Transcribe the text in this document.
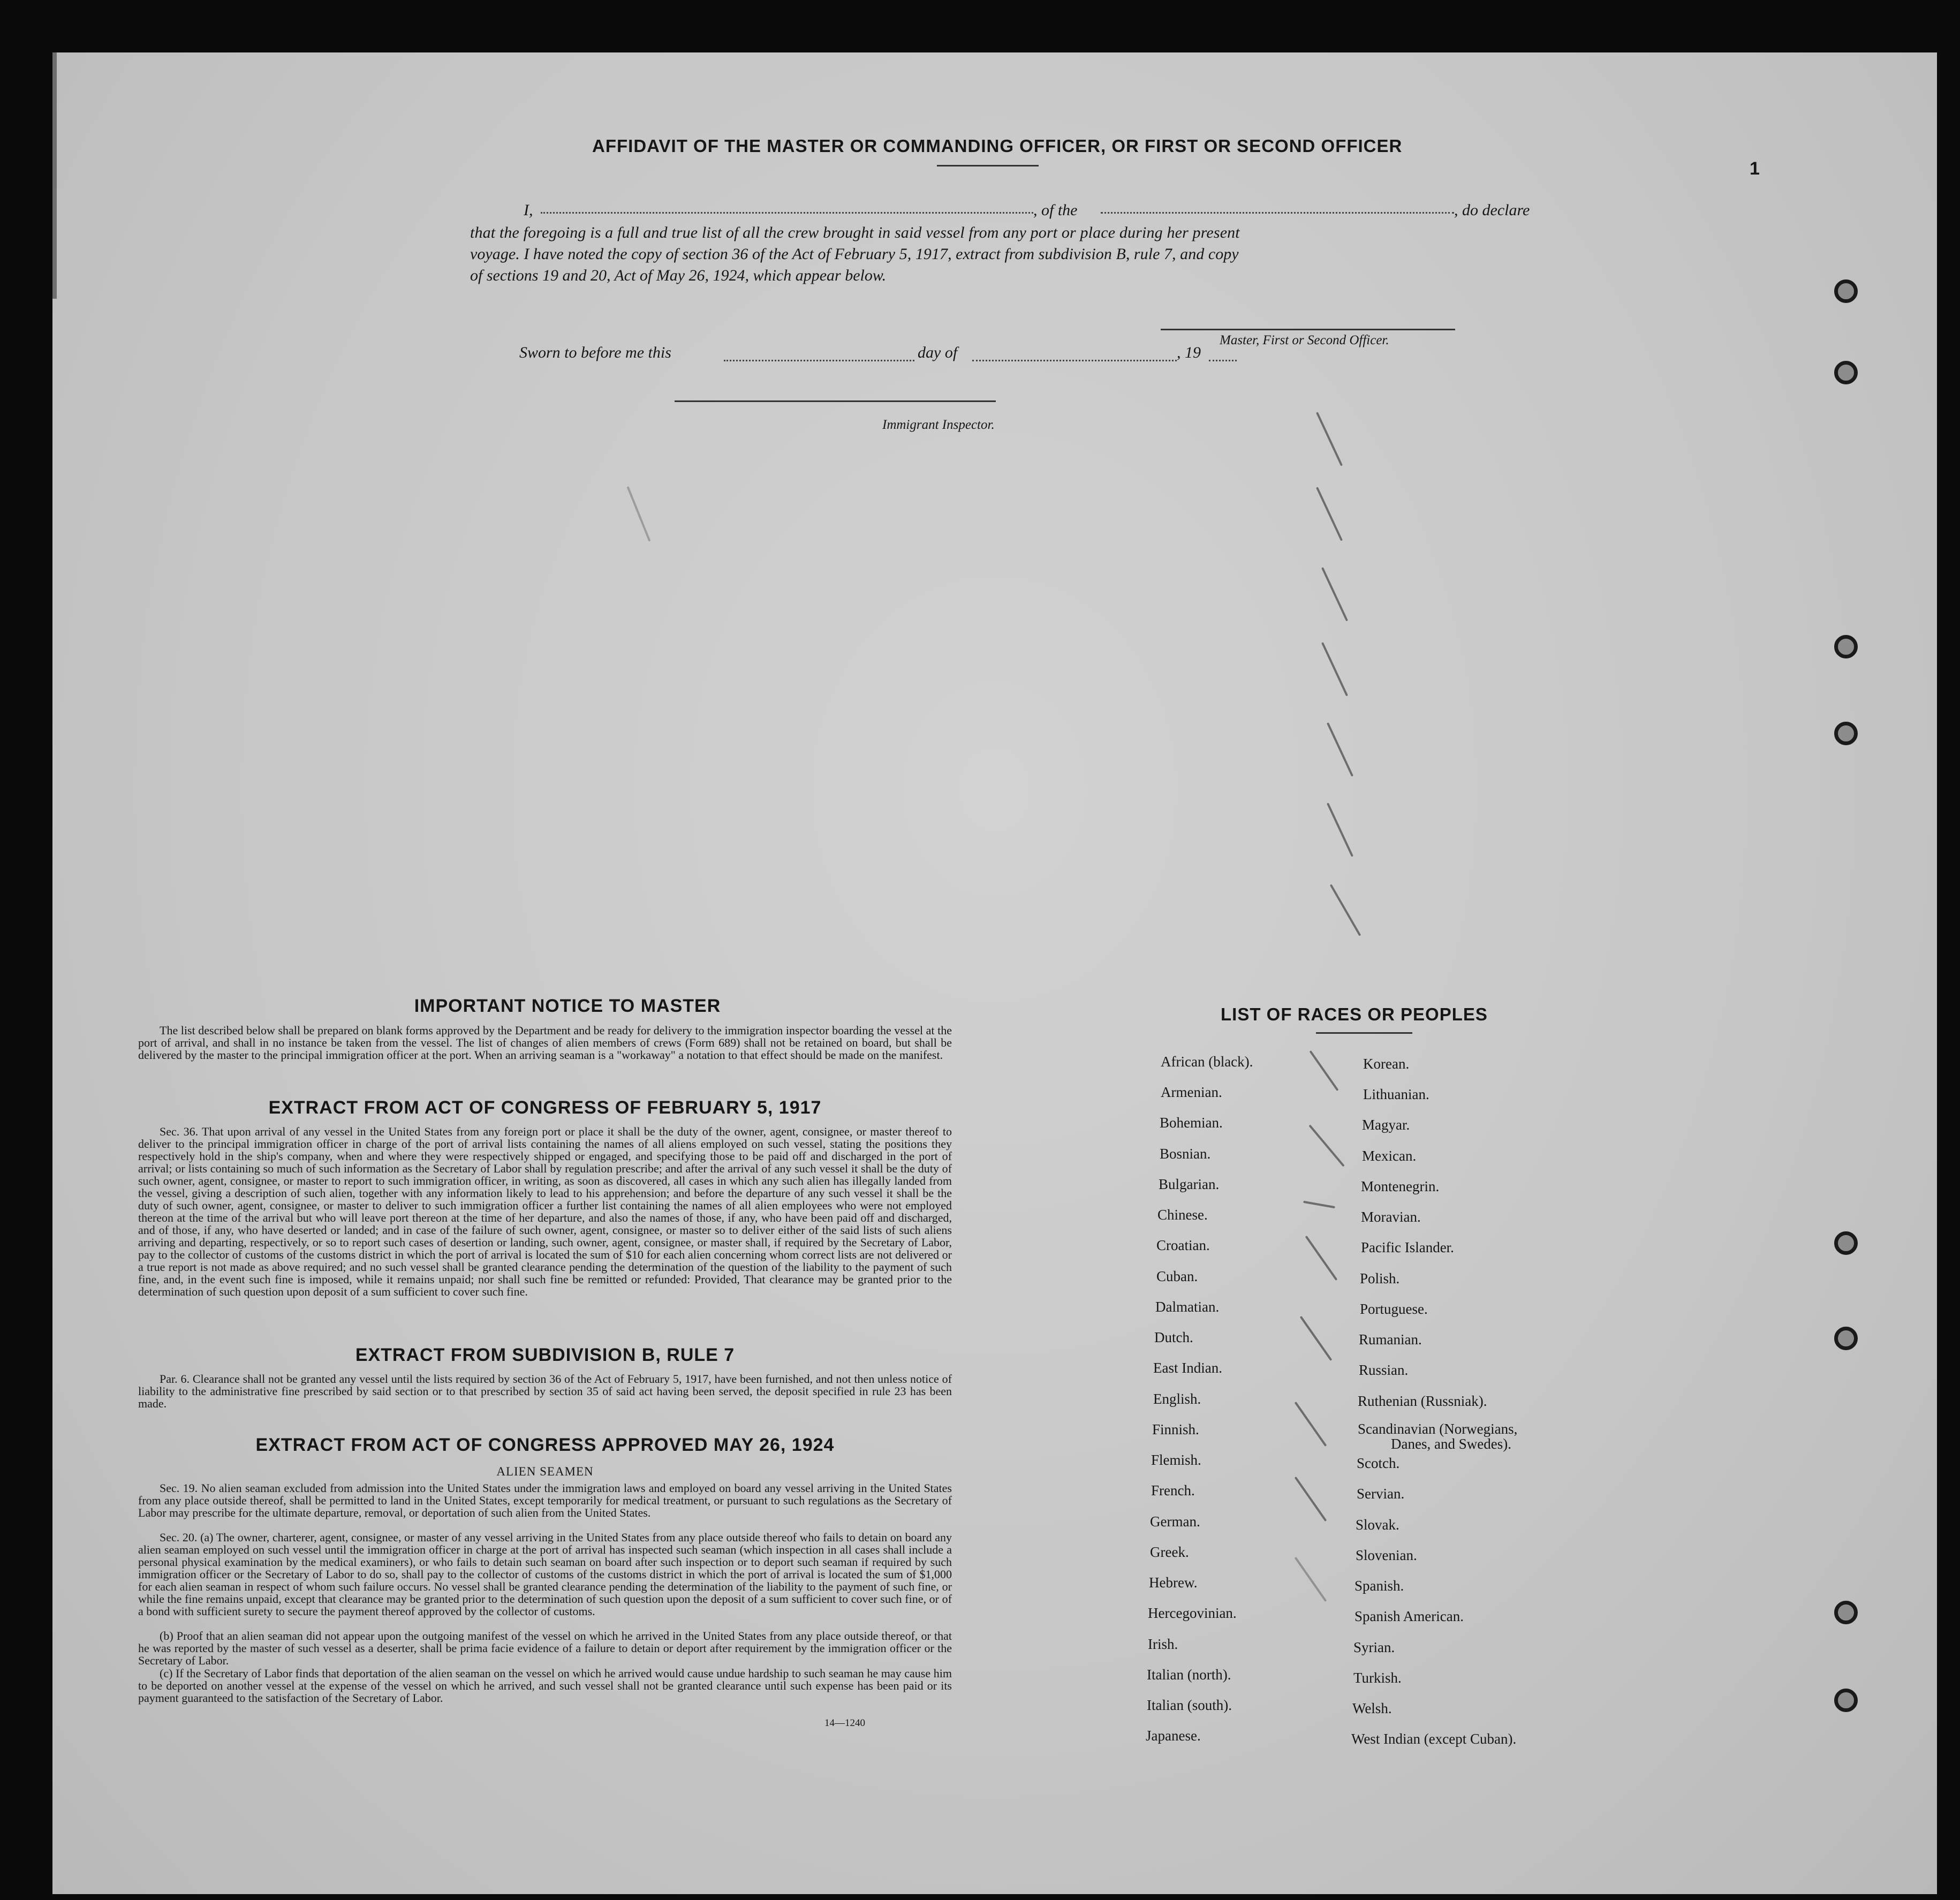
1
AFFIDAVIT OF THE MASTER OR COMMANDING OFFICER, OR FIRST OR SECOND OFFICER
I,	, of the	, do declare
that the foregoing is a full and true list of all the crew brought in said vessel from any port or place during her present
voyage. I have noted the copy of section 36 of the Act of February 5, 1917, extract from subdivision B, rule 7, and copy
of sections 19 and 20, Act of May 26, 1924, which appear below.
Master, First or Second Officer.
Sworn to before me this	day of	, 19
Immigrant Inspector.
IMPORTANT NOTICE TO MASTER
The list described below shall be prepared on blank forms approved by the Department and be ready for delivery to the immigration inspector boarding the vessel at the port of arrival, and shall in no instance be taken from the vessel. The list of changes of alien members of crews (Form 689) shall not be retained on board, but shall be delivered by the master to the principal immigration officer at the port. When an arriving seaman is a "workaway" a notation to that effect should be made on the manifest.
EXTRACT FROM ACT OF CONGRESS OF FEBRUARY 5, 1917
Sec. 36. That upon arrival of any vessel in the United States from any foreign port or place it shall be the duty of the owner, agent, consignee, or master thereof to deliver to the principal immigration officer in charge of the port of arrival lists containing the names of all aliens employed on such vessel, stating the positions they respectively hold in the ship's company, when and where they were respectively shipped or engaged, and specifying those to be paid off and discharged in the port of arrival; or lists containing so much of such information as the Secretary of Labor shall by regulation prescribe; and after the arrival of any such vessel it shall be the duty of such owner, agent, consignee, or master to report to such immigration officer, in writing, as soon as discovered, all cases in which any such alien has illegally landed from the vessel, giving a description of such alien, together with any information likely to lead to his apprehension; and before the departure of any such vessel it shall be the duty of such owner, agent, consignee, or master to deliver to such immigration officer a further list containing the names of all alien employees who were not employed thereon at the time of the arrival but who will leave port thereon at the time of her departure, and also the names of those, if any, who have been paid off and discharged, and of those, if any, who have deserted or landed; and in case of the failure of such owner, agent, consignee, or master so to deliver either of the said lists of such aliens arriving and departing, respectively, or so to report such cases of desertion or landing, such owner, agent, consignee, or master shall, if required by the Secretary of Labor, pay to the collector of customs of the customs district in which the port of arrival is located the sum of $10 for each alien concerning whom correct lists are not delivered or a true report is not made as above required; and no such vessel shall be granted clearance pending the determination of the question of the liability to the payment of such fine, and, in the event such fine is imposed, while it remains unpaid; nor shall such fine be remitted or refunded: Provided, That clearance may be granted prior to the determination of such question upon deposit of a sum sufficient to cover such fine.
EXTRACT FROM SUBDIVISION B, RULE 7
Par. 6. Clearance shall not be granted any vessel until the lists required by section 36 of the Act of February 5, 1917, have been furnished, and not then unless notice of liability to the administrative fine prescribed by said section or to that prescribed by section 35 of said act having been served, the deposit specified in rule 23 has been made.
EXTRACT FROM ACT OF CONGRESS APPROVED MAY 26, 1924
ALIEN SEAMEN
Sec. 19. No alien seaman excluded from admission into the United States under the immigration laws and employed on board any vessel arriving in the United States from any place outside thereof, shall be permitted to land in the United States, except temporarily for medical treatment, or pursuant to such regulations as the Secretary of Labor may prescribe for the ultimate departure, removal, or deportation of such alien from the United States.
Sec. 20. (a) The owner, charterer, agent, consignee, or master of any vessel arriving in the United States from any place outside thereof who fails to detain on board any alien seaman employed on such vessel until the immigration officer in charge at the port of arrival has inspected such seaman (which inspection in all cases shall include a personal physical examination by the medical examiners), or who fails to detain such seaman on board after such inspection or to deport such seaman if required by such immigration officer or the Secretary of Labor to do so, shall pay to the collector of customs of the customs district in which the port of arrival is located the sum of $1,000 for each alien seaman in respect of whom such failure occurs. No vessel shall be granted clearance pending the determination of the liability to the payment of such fine, or while the fine remains unpaid, except that clearance may be granted prior to the determination of such question upon the deposit of a sum sufficient to cover such fine, or of a bond with sufficient surety to secure the payment thereof approved by the collector of customs.
(b) Proof that an alien seaman did not appear upon the outgoing manifest of the vessel on which he arrived in the United States from any place outside thereof, or that he was reported by the master of such vessel as a deserter, shall be prima facie evidence of a failure to detain or deport after requirement by the immigration officer or the Secretary of Labor.
(c) If the Secretary of Labor finds that deportation of the alien seaman on the vessel on which he arrived would cause undue hardship to such seaman he may cause him to be deported on another vessel at the expense of the vessel on which he arrived, and such vessel shall not be granted clearance until such expense has been paid or its payment guaranteed to the satisfaction of the Secretary of Labor.
14—1240
LIST OF RACES OR PEOPLES
African (black).
Armenian.
Bohemian.
Bosnian.
Bulgarian.
Chinese.
Croatian.
Cuban.
Dalmatian.
Dutch.
East Indian.
English.
Finnish.
Flemish.
French.
German.
Greek.
Hebrew.
Hercegovinian.
Irish.
Italian (north).
Italian (south).
Japanese.
Korean.
Lithuanian.
Magyar.
Mexican.
Montenegrin.
Moravian.
Pacific Islander.
Polish.
Portuguese.
Rumanian.
Russian.
Ruthenian (Russniak).
Scandinavian (Norwegians,
Danes, and Swedes).
Scotch.
Servian.
Slovak.
Slovenian.
Spanish.
Spanish American.
Syrian.
Turkish.
Welsh.
West Indian (except Cuban).
